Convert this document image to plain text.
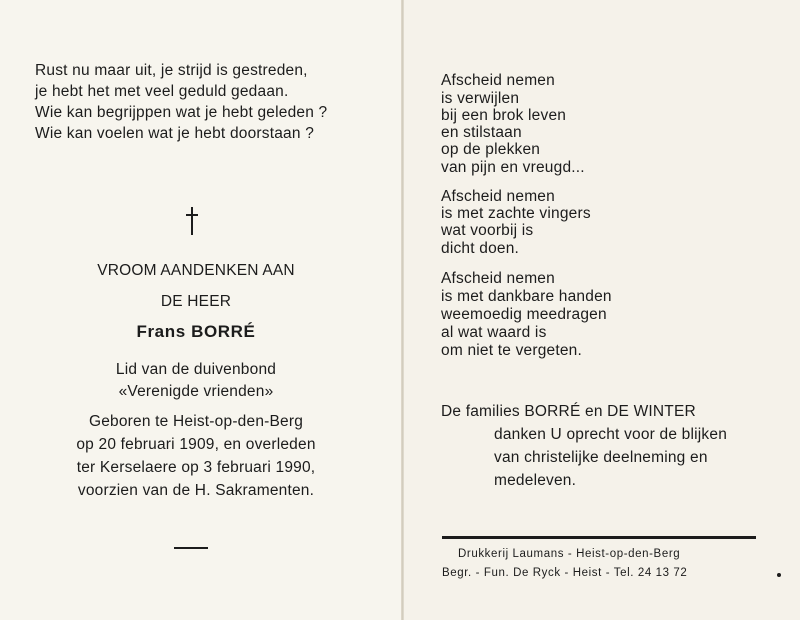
Rust nu maar uit, je strijd is gestreden,
je hebt het met veel geduld gedaan.
Wie kan begrijppen wat je hebt geleden ?
Wie kan voelen wat je hebt doorstaan ?
VROOM AANDENKEN AAN
DE HEER
Frans BORRÉ
Lid van de duivenbond
«Verenigde vrienden»
Geboren te Heist-op-den-Berg
op 20 februari 1909, en overleden
ter Kerselaere op 3 februari 1990,
voorzien van de H. Sakramenten.
Afscheid nemen
is verwijlen
bij een brok leven
en stilstaan
op de plekken
van pijn en vreugd...
Afscheid nemen
is met zachte vingers
wat voorbij is
dicht doen.
Afscheid nemen
is met dankbare handen
weemoedig meedragen
al wat waard is
om niet te vergeten.
De families BORRÉ en DE WINTER
danken U oprecht voor de blijken
van christelijke deelneming en
medeleven.
Drukkerij Laumans - Heist-op-den-Berg
Begr. - Fun. De Ryck - Heist - Tel. 24 13 72
